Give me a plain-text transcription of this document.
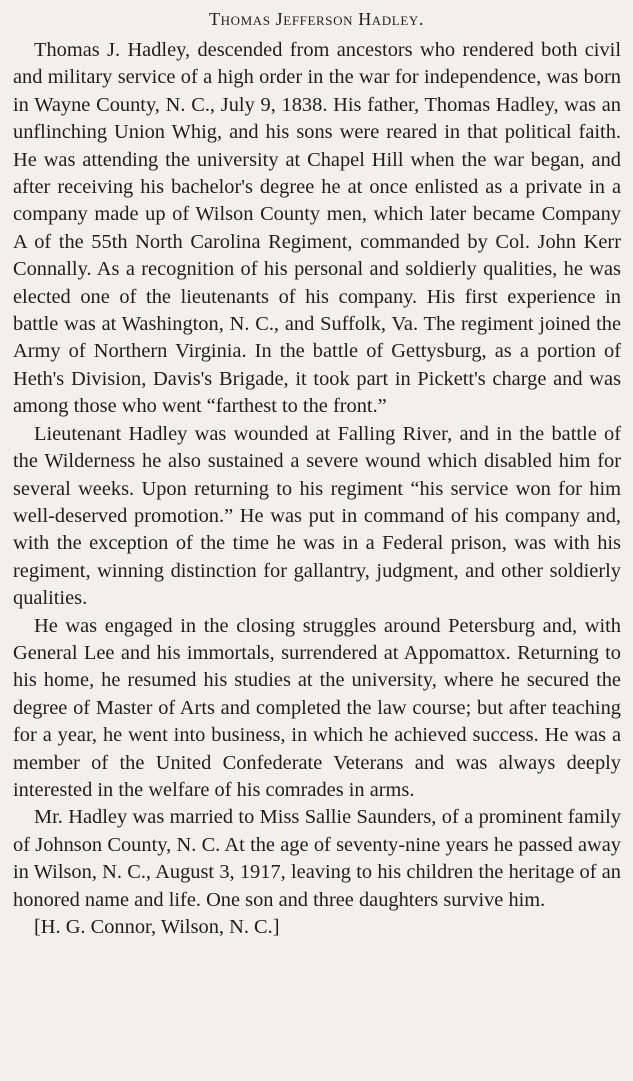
Thomas Jefferson Hadley.

Thomas J. Hadley, descended from ancestors who rendered both civil and military service of a high order in the war for independence, was born in Wayne County, N. C., July 9, 1838. His father, Thomas Hadley, was an unflinching Union Whig, and his sons were reared in that political faith. He was attending the university at Chapel Hill when the war began, and after receiving his bachelor's degree he at once enlisted as a private in a company made up of Wilson County men, which later became Company A of the 55th North Carolina Regiment, commanded by Col. John Kerr Connally. As a recognition of his personal and soldierly qualities, he was elected one of the lieutenants of his company. His first experience in battle was at Washington, N. C., and Suffolk, Va. The regiment joined the Army of Northern Virginia. In the battle of Gettysburg, as a portion of Heth's Division, Davis's Brigade, it took part in Pickett's charge and was among those who went “farthest to the front.”

Lieutenant Hadley was wounded at Falling River, and in the battle of the Wilderness he also sustained a severe wound which disabled him for several weeks. Upon returning to his regiment “his service won for him well-deserved promotion.” He was put in command of his company and, with the exception of the time he was in a Federal prison, was with his regiment, winning distinction for gallantry, judgment, and other soldierly qualities.

He was engaged in the closing struggles around Petersburg and, with General Lee and his immortals, surrendered at Appomattox. Returning to his home, he resumed his studies at the university, where he secured the degree of Master of Arts and completed the law course; but after teaching for a year, he went into business, in which he achieved success. He was a member of the United Confederate Veterans and was always deeply interested in the welfare of his comrades in arms.

Mr. Hadley was married to Miss Sallie Saunders, of a prominent family of Johnson County, N. C. At the age of seventy-nine years he passed away in Wilson, N. C., August 3, 1917, leaving to his children the heritage of an honored name and life. One son and three daughters survive him.

[H. G. Connor, Wilson, N. C.]
